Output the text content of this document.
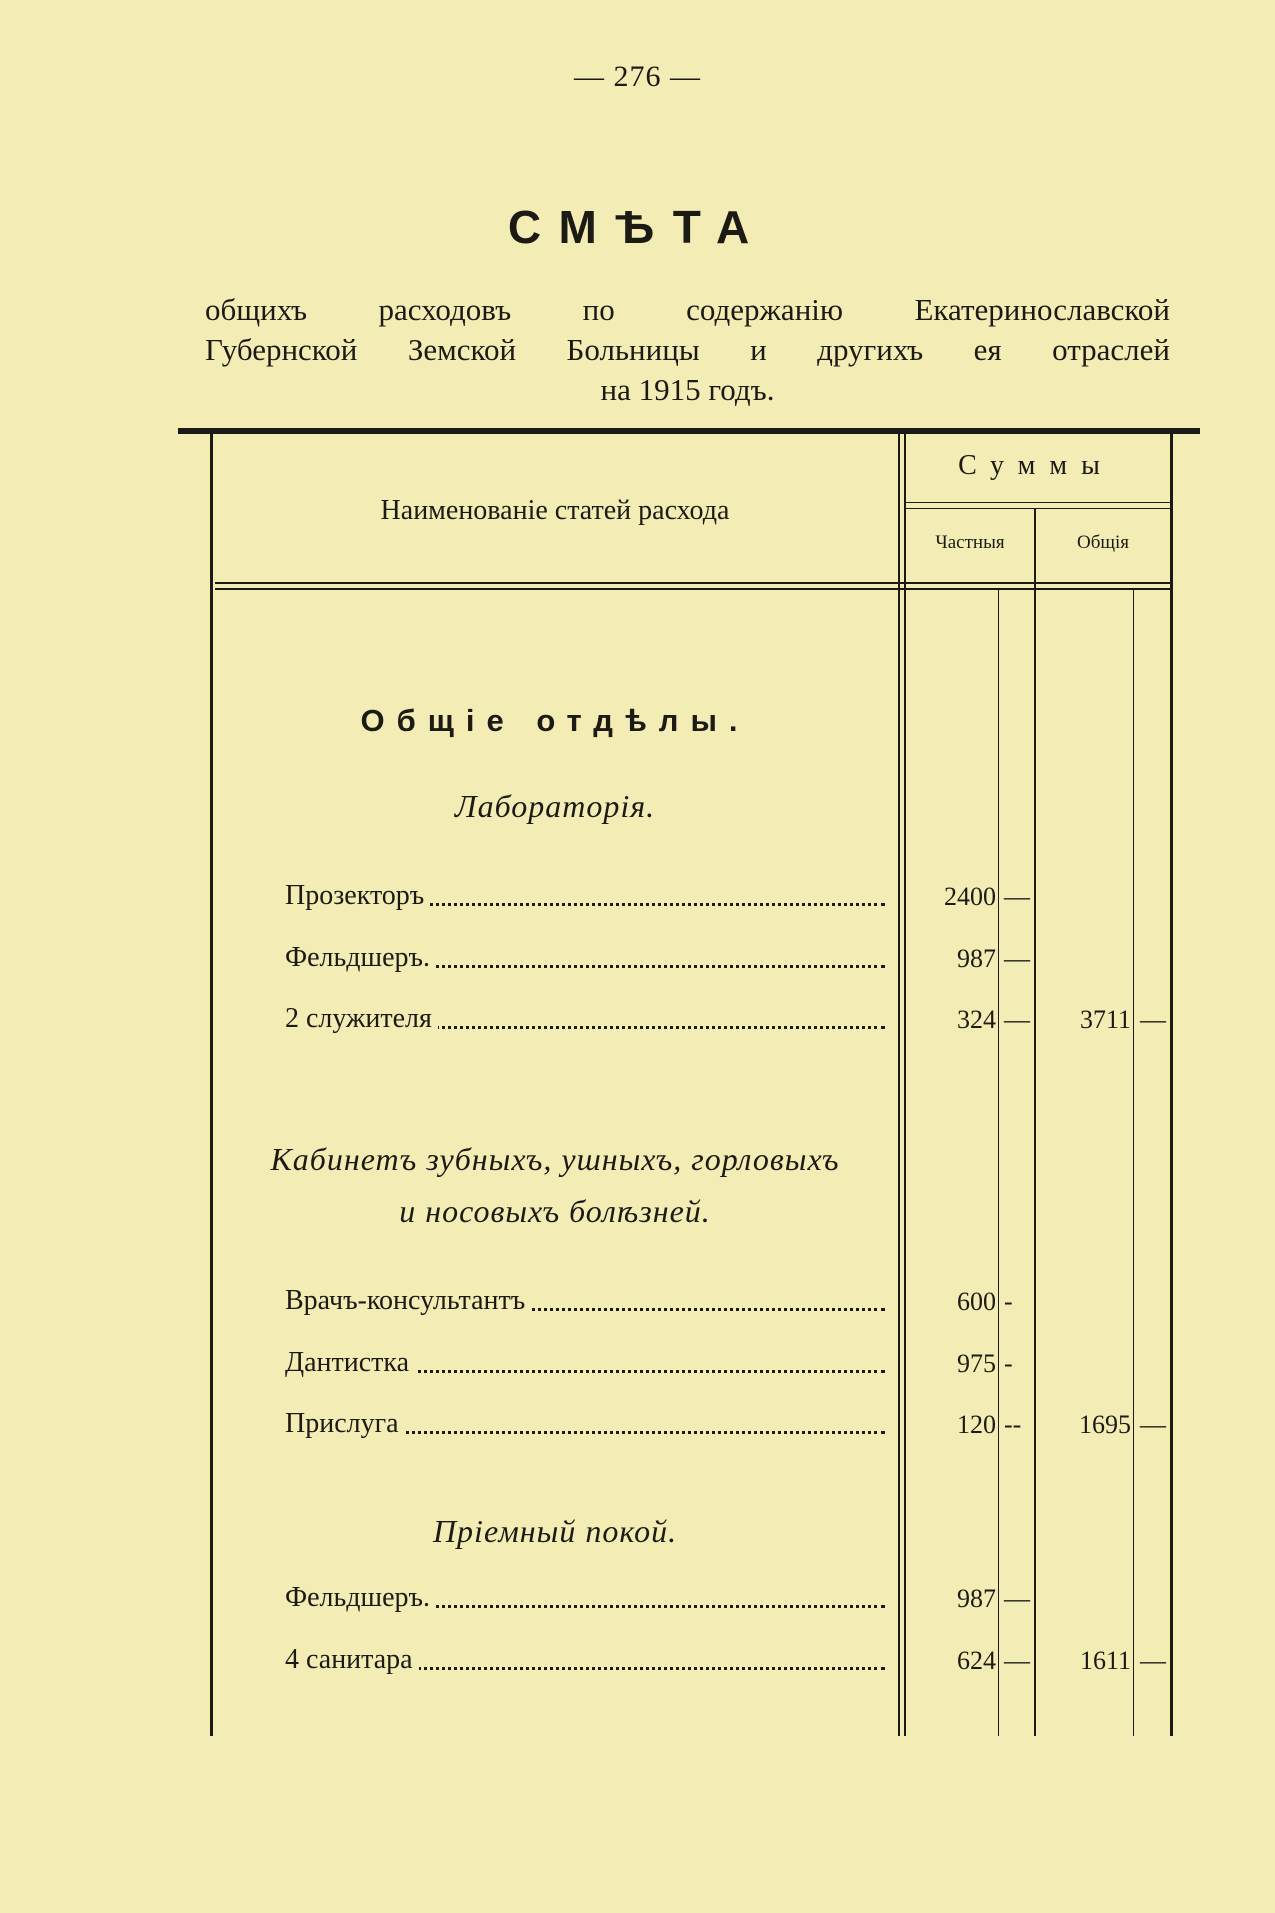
— 276 —
СМѢТА
общихъ расходовъ по содержанію Екатеринославской
Губернской Земской Больницы и другихъ ея отраслей
на 1915 годъ.
Наименованіе статей расхода
Суммы
Частныя	Общія
Общіе отдѣлы.
Лабораторія.
Прозекторъ	2400 —
Фельдшеръ.	987 —
2 служителя	324 —	3711 —
Кабинетъ зубныхъ, ушныхъ, горловыхъ
и носовыхъ болѣзней.
Врачъ-консультантъ	600 -
Дантистка	975 -
Прислуга	120 --	1695 —
Пріемный покой.
Фельдшеръ.	987 —
4 санитара	624 —	1611 —
